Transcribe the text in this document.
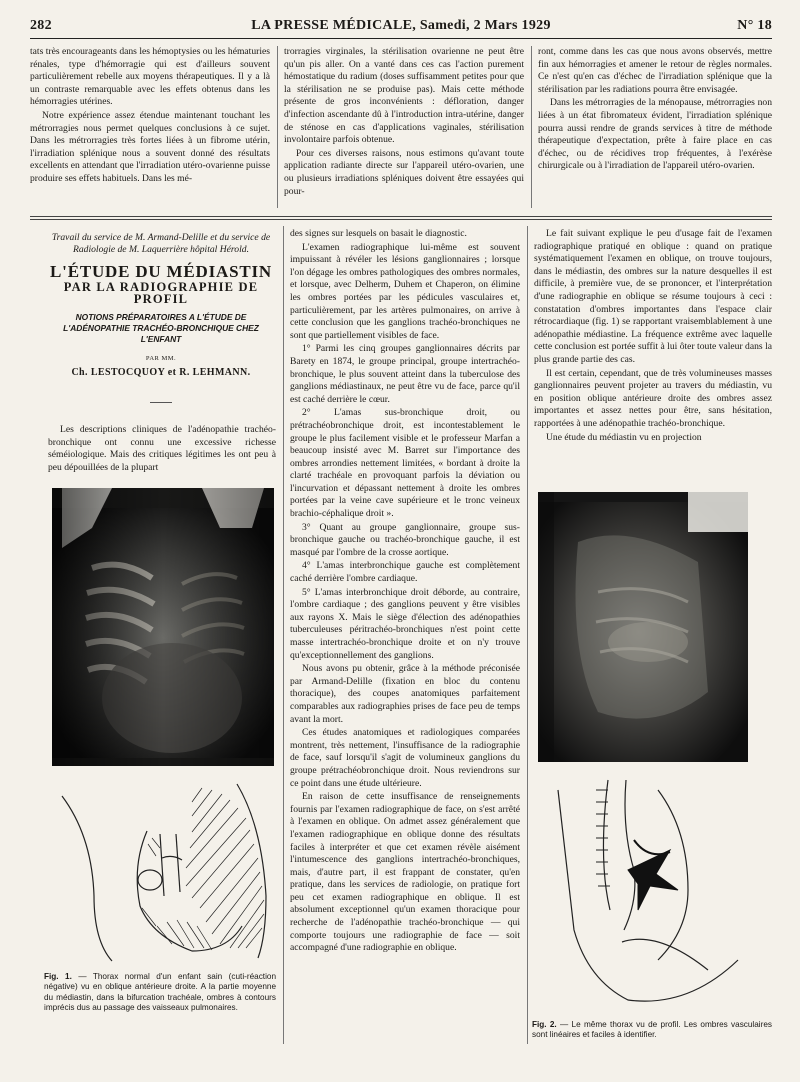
282	LA PRESSE MÉDICALE, Samedi, 2 Mars 1929	N° 18

tats très encourageants dans les hémoptysies ou les hématuries rénales, type d'hémorragie qui est d'ailleurs souvent particulièrement rebelle aux moyens thérapeutiques. Il y a là un contraste remarquable avec les effets obtenus dans les hémorragies utérines.

Notre expérience assez étendue maintenant touchant les métrorragies nous permet quelques conclusions à ce sujet. Dans les métrorragies très fortes liées à un fibrome utérin, l'irradiation splénique nous a souvent donné des résultats excellents en attendant que l'irradiation utéro-ovarienne puisse produire ses effets habituels. Dans les mé-

trorragies virginales, la stérilisation ovarienne ne peut être qu'un pis aller. On a vanté dans ces cas l'action purement hémostatique du radium (doses suffisamment petites pour que la stérilisation ne se produise pas). Mais cette méthode présente de gros inconvénients : défloration, danger d'infection ascendante dû à l'introduction intra-utérine, danger de sténose en cas d'applications vaginales, stérilisation involontaire parfois obtenue.

Pour ces diverses raisons, nous estimons qu'avant toute application radiante directe sur l'appareil utéro-ovarien, une ou plusieurs irradiations spléniques doivent être essayées qui pour-

ront, comme dans les cas que nous avons observés, mettre fin aux hémorragies et amener le retour de règles normales. Ce n'est qu'en cas d'échec de l'irradiation splénique que la stérilisation par les radiations pourra être envisagée.

Dans les métrorragies de la ménopause, métrorragies non liées à un état fibromateux évident, l'irradiation splénique pourra aussi rendre de grands services à titre de méthode thérapeutique d'expectation, prête à faire place en cas d'échec, ou de récidives trop fréquentes, à l'exérèse chirurgicale ou à l'irradiation de l'appareil utéro-ovarien.

Travail du service de M. Armand-Delille et du service de Radiologie de M. Laquerrière hôpital Hérold.
L'ÉTUDE DU MÉDIASTIN
PAR LA RADIOGRAPHIE DE PROFIL
NOTIONS PRÉPARATOIRES A L'ÉTUDE DE L'ADÉNOPATHIE TRACHÉO-BRONCHIQUE CHEZ L'ENFANT
PAR MM.
Ch. LESTOCQUOY et R. LEHMANN.

Les descriptions cliniques de l'adénopathie trachéo-bronchique ont connu une excessive richesse séméiologique. Mais des critiques légitimes les ont peu à peu dépouillées de la plupart

Fig. 1. — Thorax normal d'un enfant sain (cuti-réaction négative) vu en oblique antérieure droite. A la partie moyenne du médiastin, dans la bifurcation trachéale, ombres à contours imprécis dus au passage des vaisseaux pulmonaires.

des signes sur lesquels on basait le diagnostic.

L'examen radiographique lui-même est souvent impuissant à révéler les lésions ganglionnaires ; lorsque l'on dégage les ombres pathologiques des ombres normales, et lorsque, avec Delherm, Duhem et Chaperon, on élimine les ombres portées par les pédicules vasculaires et, particulièrement, par les artères pulmonaires, on arrive à cette conclusion que les ganglions trachéo-bronchiques ne sont que partiellement visibles de face.

1° Parmi les cinq groupes ganglionnaires décrits par Barety en 1874, le groupe principal, groupe intertrachéo-bronchique, le plus souvent atteint dans la tuberculose des ganglions médiastinaux, ne peut être vu de face, parce qu'il est caché derrière le cœur.

2° L'amas sus-bronchique droit, ou prétrachéobronchique droit, est incontestablement le groupe le plus facilement visible et le professeur Marfan a beaucoup insisté avec M. Barret sur l'importance des ombres arrondies nettement limitées, « bordant à droite la clarté trachéale en provoquant parfois la déviation ou l'incurvation et dépassant nettement à droite les ombres portées par la veine cave supérieure et le tronc veineux brachio-céphalique droit ».

3° Quant au groupe ganglionnaire, groupe sus-bronchique gauche ou trachéo-bronchique gauche, il est masqué par l'ombre de la crosse aortique.

4° L'amas interbronchique gauche est complètement caché derrière l'ombre cardiaque.

5° L'amas interbronchique droit déborde, au contraire, l'ombre cardiaque ; des ganglions peuvent y être visibles aux rayons X. Mais le siège d'élection des adénopathies tuberculeuses péritrachéo-bronchiques n'est point cette masse intertrachéo-bronchique droite et on n'y trouve qu'exceptionnellement des ganglions.

Nous avons pu obtenir, grâce à la méthode préconisée par Armand-Delille (fixation en bloc du contenu thoracique), des coupes anatomiques parfaitement comparables aux radiographies prises de face peu de temps avant la mort.

Ces études anatomiques et radiologiques comparées montrent, très nettement, l'insuffisance de la radiographie de face, sauf lorsqu'il s'agit de volumineux ganglions du groupe prétrachéobronchique droit. Nous reviendrons sur ce point dans une étude ultérieure.

En raison de cette insuffisance de renseignements fournis par l'examen radiographique de face, on s'est arrêté à l'examen en oblique. On admet assez généralement que l'examen radiographique en oblique donne des résultats faciles à interpréter et que cet examen révèle aisément l'intumescence des ganglions intertrachéo-bronchiques, mais, d'autre part, il est frappant de constater, qu'en pratique, dans les services de radiologie, on pratique fort peu cet examen radiographique en oblique. Il est absolument exceptionnel qu'un examen thoracique pour recherche de l'adénopathie trachéo-bronchique — qui comporte toujours une radiographie de face — soit accompagné d'une radiographie en oblique.

Le fait suivant explique le peu d'usage fait de l'examen radiographique pratiqué en oblique : quand on pratique systématiquement l'examen en oblique, on trouve toujours, dans le médiastin, des ombres sur la nature desquelles il est difficile, à première vue, de se prononcer, et l'interprétation d'une radiographie en oblique se résume toujours à ceci : constatation d'ombres importantes dans l'espace clair rétrocardiaque (fig. 1) se rapportant vraisemblablement à une adénopathie médiastine. La fréquence extrême avec laquelle cette conclusion est portée suffit à lui ôter toute valeur dans la plus grande partie des cas.

Il est certain, cependant, que de très volumineuses masses ganglionnaires peuvent projeter au travers du médiastin, vu en position oblique antérieure droite des ombres assez importantes et assez nettes pour être, sans hésitation, rapportées à une adénopathie trachéo-bronchique.

Une étude du médiastin vu en projection

Fig. 2. — Le même thorax vu de profil. Les ombres vasculaires sont linéaires et faciles à identifier.
